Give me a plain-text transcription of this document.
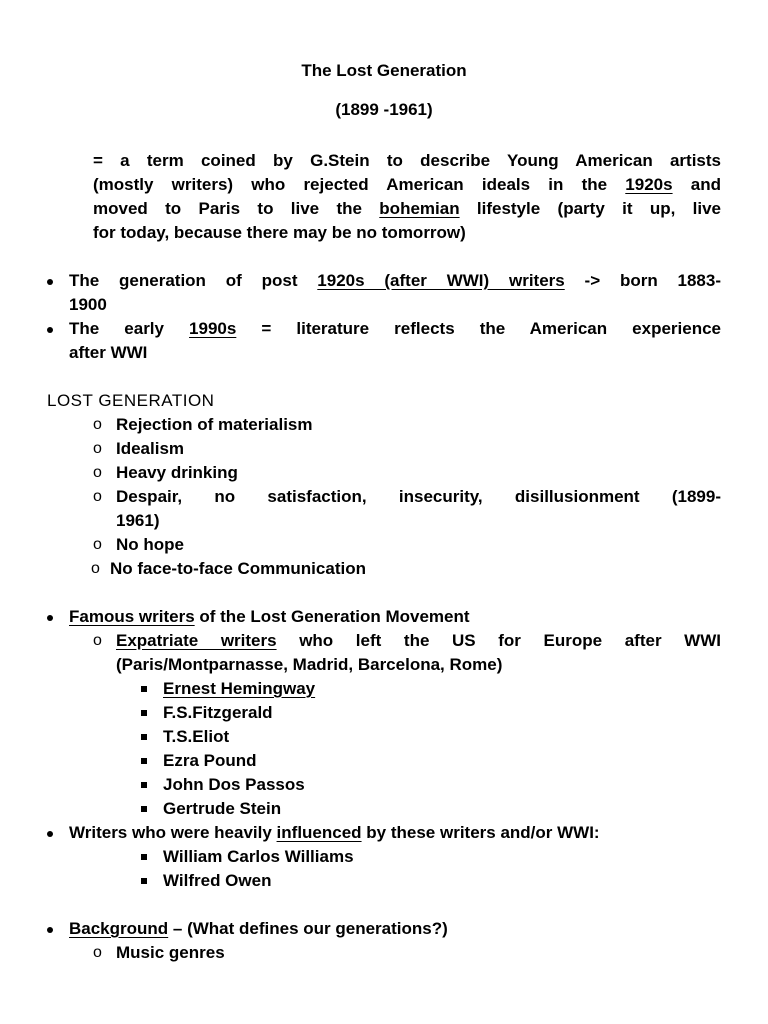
The Lost Generation
(1899 -1961)
= a term coined by G.Stein to describe Young American artists
(mostly writers) who rejected American ideals in the 1920s and
moved to Paris to live the bohemian lifestyle (party it up, live
for today, because there may be no tomorrow)
The generation of post 1920s (after WWI) writers -> born 1883-
1900
The early 1990s = literature reflects the American experience
after WWI
LOST GENERATION
o Rejection of materialism
o Idealism
o Heavy drinking
o Despair, no satisfaction, insecurity, disillusionment (1899-
1961)
o No hope
o No face-to-face Communication
Famous writers of the Lost Generation Movement
o Expatriate writers who left the US for Europe after WWI
(Paris/Montparnasse, Madrid, Barcelona, Rome)
Ernest Hemingway
F.S.Fitzgerald
T.S.Eliot
Ezra Pound
John Dos Passos
Gertrude Stein
Writers who were heavily influenced by these writers and/or WWI:
William Carlos Williams
Wilfred Owen
Background – (What defines our generations?)
o Music genres
